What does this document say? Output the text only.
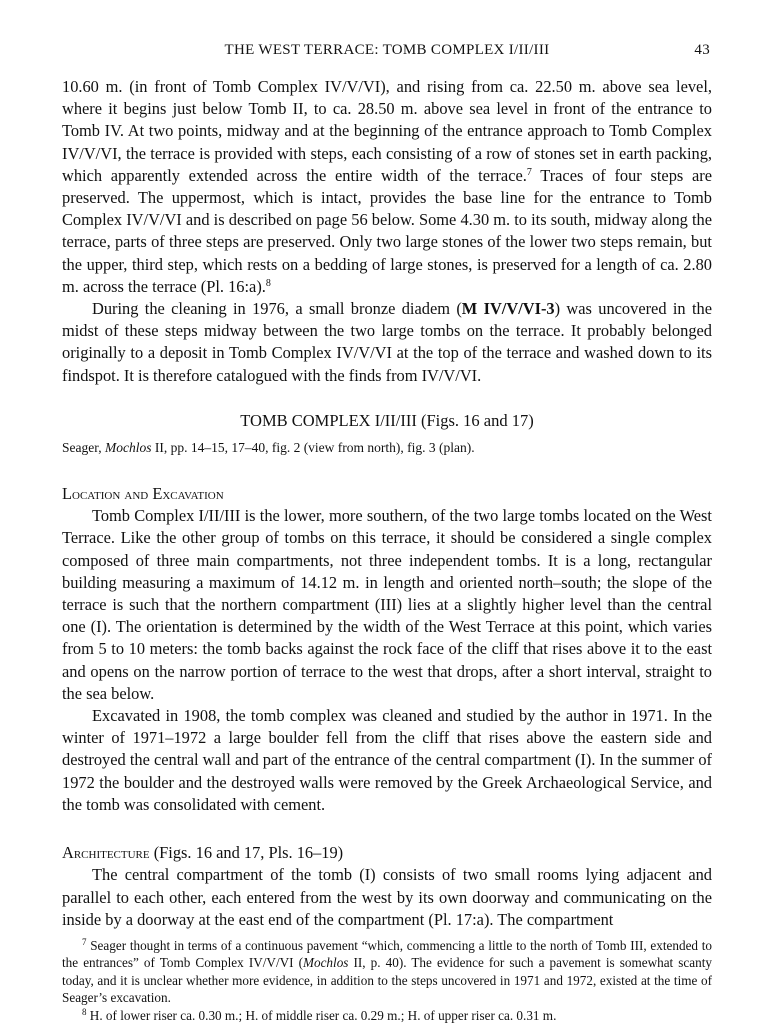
THE WEST TERRACE: TOMB COMPLEX I/II/III	43

10.60 m. (in front of Tomb Complex IV/V/VI), and rising from ca. 22.50 m. above sea level, where it begins just below Tomb II, to ca. 28.50 m. above sea level in front of the entrance to Tomb IV. At two points, midway and at the beginning of the entrance approach to Tomb Complex IV/V/VI, the terrace is provided with steps, each consisting of a row of stones set in earth packing, which apparently extended across the entire width of the terrace.$^7$ Traces of four steps are preserved. The uppermost, which is intact, provides the base line for the entrance to Tomb Complex IV/V/VI and is described on page 56 below. Some 4.30 m. to its south, midway along the terrace, parts of three steps are preserved. Only two large stones of the lower two steps remain, but the upper, third step, which rests on a bedding of large stones, is preserved for a length of ca. 2.80 m. across the terrace (Pl. 16:a).$^8$

During the cleaning in 1976, a small bronze diadem (M IV/V/VI-3) was uncovered in the midst of these steps midway between the two large tombs on the terrace. It probably belonged originally to a deposit in Tomb Complex IV/V/VI at the top of the terrace and washed down to its findspot. It is therefore catalogued with the finds from IV/V/VI.

TOMB COMPLEX I/II/III (Figs. 16 and 17)
Seager, Mochlos II, pp. 14–15, 17–40, fig. 2 (view from north), fig. 3 (plan).
Location and Excavation

Tomb Complex I/II/III is the lower, more southern, of the two large tombs located on the West Terrace. Like the other group of tombs on this terrace, it should be considered a single complex composed of three main compartments, not three independent tombs. It is a long, rectangular building measuring a maximum of 14.12 m. in length and oriented north–south; the slope of the terrace is such that the northern compartment (III) lies at a slightly higher level than the central one (I). The orientation is determined by the width of the West Terrace at this point, which varies from 5 to 10 meters: the tomb backs against the rock face of the cliff that rises above it to the east and opens on the narrow portion of terrace to the west that drops, after a short interval, straight to the sea below.

Excavated in 1908, the tomb complex was cleaned and studied by the author in 1971. In the winter of 1971–1972 a large boulder fell from the cliff that rises above the eastern side and destroyed the central wall and part of the entrance of the central compartment (I). In the summer of 1972 the boulder and the destroyed walls were removed by the Greek Archaeological Service, and the tomb was consolidated with cement.

Architecture (Figs. 16 and 17, Pls. 16–19)

The central compartment of the tomb (I) consists of two small rooms lying adjacent and parallel to each other, each entered from the west by its own doorway and communicating on the inside by a doorway at the east end of the compartment (Pl. 17:a). The compartment

$^7$ Seager thought in terms of a continuous pavement “which, commencing a little to the north of Tomb III, extended to the entrances” of Tomb Complex IV/V/VI (Mochlos II, p. 40). The evidence for such a pavement is somewhat scanty today, and it is unclear whether more evidence, in addition to the steps uncovered in 1971 and 1972, existed at the time of Seager’s excavation.

$^8$ H. of lower riser ca. 0.30 m.; H. of middle riser ca. 0.29 m.; H. of upper riser ca. 0.31 m.
